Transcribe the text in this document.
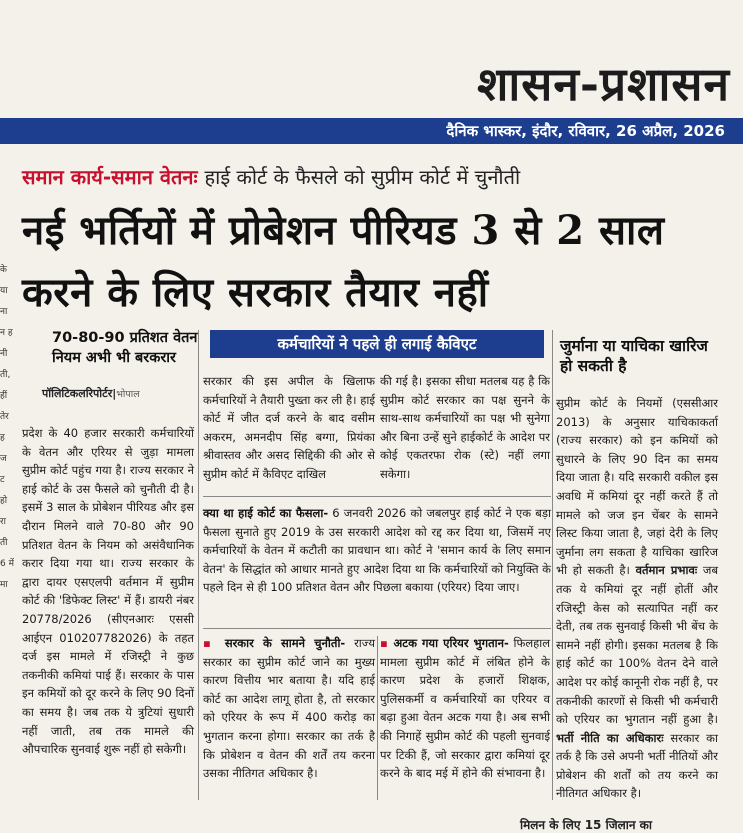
शासन-प्रशासन
दैनिक भास्कर, इंदौर, रविवार, 26 अप्रैल, 2026
समान कार्य-समान वेतनः हाई कोर्ट के फैसले को सुप्रीम कोर्ट में चुनौती
नई भर्तियों में प्रोबेशन पीरियड 3 से 2 साल करने के लिए सरकार तैयार नहीं
के या ना न ह नी ती, हीं तेर ह ज ट हो रा ती 6 में मा
70-80-90 प्रतिशत वेतन नियम अभी भी बरकरार
पॉलिटिकलरिपोर्टर|भोपाल
प्रदेश के 40 हजार सरकारी कर्मचारियों के वेतन और एरियर से जुड़ा मामला सुप्रीम कोर्ट पहुंच गया है। राज्य सरकार ने हाई कोर्ट के उस फैसले को चुनौती दी है। इसमें 3 साल के प्रोबेशन पीरियड और इस दौरान मिलने वाले 70-80 और 90 प्रतिशत वेतन के नियम को असंवैधानिक करार दिया गया था। राज्य सरकार के द्वारा दायर एसएलपी वर्तमान में सुप्रीम कोर्ट की 'डिफेक्ट लिस्ट' में हैं। डायरी नंबर 20778/2026 (सीएनआरः एससी आईएन 010207782026) के तहत दर्ज इस मामले में रजिस्ट्री ने कुछ तकनीकी कमियां पाई हैं। सरकार के पास इन कमियों को दूर करने के लिए 90 दिनों का समय है। जब तक ये त्रुटियां सुधारी नहीं जाती, तब तक मामले की औपचारिक सुनवाई शुरू नहीं हो सकेगी।
कर्मचारियों ने पहले ही लगाई कैविएट
सरकार की इस अपील के खिलाफ कर्मचारियों ने तैयारी पुख्ता कर ली है। हाई कोर्ट में जीत दर्ज करने के बाद वसीम अकरम, अमनदीप सिंह बग्गा, प्रियंका श्रीवास्तव और असद सिद्दिकी की ओर से सुप्रीम कोर्ट में कैविएट दाखिल
की गई है। इसका सीधा मतलब यह है कि सुप्रीम कोर्ट सरकार का पक्ष सुनने के साथ-साथ कर्मचारियों का पक्ष भी सुनेगा और बिना उन्हें सुने हाईकोर्ट के आदेश पर कोई एकतरफा रोक (स्टे) नहीं लगा सकेगा।
क्या था हाई कोर्ट का फैसला- 6 जनवरी 2026 को जबलपुर हाई कोर्ट ने एक बड़ा फैसला सुनाते हुए 2019 के उस सरकारी आदेश को रद्द कर दिया था, जिसमें नए कर्मचारियों के वेतन में कटौती का प्रावधान था। कोर्ट ने 'समान कार्य के लिए समान वेतन' के सिद्धांत को आधार मानते हुए आदेश दिया था कि कर्मचारियों को नियुक्ति के पहले दिन से ही 100 प्रतिशत वेतन और पिछला बकाया (एरियर) दिया जाए।
▪ सरकार के सामने चुनौती- राज्य सरकार का सुप्रीम कोर्ट जाने का मुख्य कारण वित्तीय भार बताया है। यदि हाई कोर्ट का आदेश लागू होता है, तो सरकार को एरियर के रूप में 400 करोड़ का भुगतान करना होगा। सरकार का तर्क है कि प्रोबेशन व वेतन की शर्तें तय करना उसका नीतिगत अधिकार है।
▪ अटक गया एरियर भुगतान- फिलहाल मामला सुप्रीम कोर्ट में लंबित होने के कारण प्रदेश के हजारों शिक्षक, पुलिसकर्मी व कर्मचारियों का एरियर व बढ़ा हुआ वेतन अटक गया है। अब सभी की निगाहें सुप्रीम कोर्ट की पहली सुनवाई पर टिकी हैं, जो सरकार द्वारा कमियां दूर करने के बाद मई में होने की संभावना है।
जुर्माना या याचिका खारिज हो सकती है
सुप्रीम कोर्ट के नियमों (एससीआर 2013) के अनुसार याचिकाकर्ता (राज्य सरकार) को इन कमियों को सुधारने के लिए 90 दिन का समय दिया जाता है। यदि सरकारी वकील इस अवधि में कमियां दूर नहीं करते हैं तो मामले को जज इन चेंबर के सामने लिस्ट किया जाता है, जहां देरी के लिए जुर्माना लग सकता है याचिका खारिज भी हो सकती है। वर्तमान प्रभावः जब तक ये कमियां दूर नहीं होतीं और रजिस्ट्री केस को सत्यापित नहीं कर देती, तब तक सुनवाई किसी भी बेंच के सामने नहीं होगी। इसका मतलब है कि हाई कोर्ट का 100% वेतन देने वाले आदेश पर कोई कानूनी रोक नहीं है, पर तकनीकी कारणों से किसी भी कर्मचारी को एरियर का भुगतान नहीं हुआ है। भर्ती नीति का अधिकारः सरकार का तर्क है कि उसे अपनी भर्ती नीतियों और प्रोबेशन की शर्तों को तय करने का नीतिगत अधिकार है।
मिलन के लिए 15 जिलान का
